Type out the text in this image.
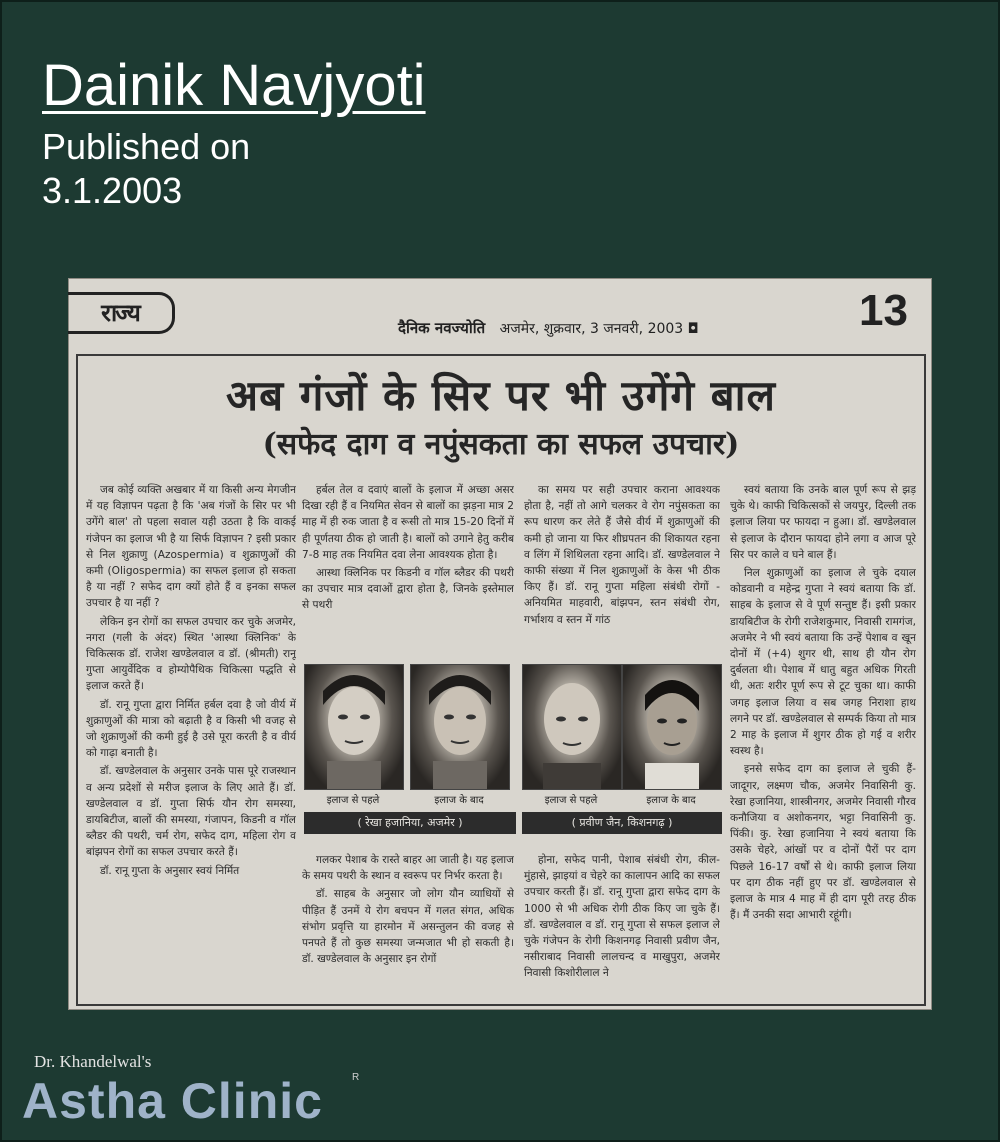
Dainik Navjyoti
Published on
3.1.2003
राज्य
दैनिक नवज्योति अजमेर, शुक्रवार, 3 जनवरी, 2003 ◘	13
अब गंजों के सिर पर भी उगेंगे बाल
(सफेद दाग व नपुंसकता का सफल उपचार)

जब कोई व्यक्ति अखबार में या किसी अन्य मेगजीन में यह विज्ञापन पढ़ता है कि 'अब गंजों के सिर पर भी उगेंगे बाल' तो पहला सवाल यही उठता है कि वाकई गंजेपन का इलाज भी है या सिर्फ विज्ञापन ? इसी प्रकार से निल शुक्राणु (Azospermia) व शुक्राणुओं की कमी (Oligospermia) का सफल इलाज हो सकता है या नहीं ? सफेद दाग क्यों होते हैं व इनका सफल उपचार है या नहीं ?

लेकिन इन रोगों का सफल उपचार कर चुके अजमेर, नगरा (गली के अंदर) स्थित 'आस्था क्लिनिक' के चिकित्सक डॉ. राजेश खण्डेलवाल व डॉ. (श्रीमती) रानू गुप्ता आयुर्वेदिक व होम्योपैथिक चिकित्सा पद्धति से इलाज करते हैं।

डॉ. रानू गुप्ता द्वारा निर्मित हर्बल दवा है जो वीर्य में शुक्राणुओं की मात्रा को बढ़ाती है व किसी भी वजह से जो शुक्राणुओं की कमी हुई है उसे पूरा करती है व वीर्य को गाढ़ा बनाती है।

डॉ. खण्डेलवाल के अनुसार उनके पास पूरे राजस्थान व अन्य प्रदेशों से मरीज इलाज के लिए आते हैं। डॉ. खण्डेलवाल व डॉ. गुप्ता सिर्फ यौन रोग समस्या, डायबिटीज, बालों की समस्या, गंजापन, किडनी व गॉल ब्लैडर की पथरी, चर्म रोग, सफेद दाग, महिला रोग व बांझपन रोगों का सफल उपचार करते हैं।

डॉ. रानू गुप्ता के अनुसार स्वयं निर्मित

हर्बल तेल व दवाएं बालों के इलाज में अच्छा असर दिखा रही हैं व नियमित सेवन से बालों का झड़ना मात्र 2 माह में ही रुक जाता है व रूसी तो मात्र 15-20 दिनों में ही पूर्णतया ठीक हो जाती है। बालों को उगाने हेतु करीब 7-8 माह तक नियमित दवा लेना आवश्यक होता है।

आस्था क्लिनिक पर किडनी व गॉल ब्लैडर की पथरी का उपचार मात्र दवाओं द्वारा होता है, जिनके इस्तेमाल से पथरी

का समय पर सही उपचार कराना आवश्यक होता है, नहीं तो आगे चलकर वे रोग नपुंसकता का रूप धारण कर लेते हैं जैसे वीर्य में शुक्राणुओं की कमी हो जाना या फिर शीघ्रपतन की शिकायत रहना व लिंग में शिथिलता रहना आदि। डॉ. खण्डेलवाल ने काफी संख्या में निल शुक्राणुओं के केस भी ठीक किए हैं। डॉ. रानू गुप्ता महिला संबंधी रोगों - अनियमित माहवारी, बांझपन, स्तन संबंधी रोग, गर्भाशय व स्तन में गांठ

स्वयं बताया कि उनके बाल पूर्ण रूप से झड़ चुके थे। काफी चिकित्सकों से जयपुर, दिल्ली तक इलाज लिया पर फायदा न हुआ। डॉ. खण्डेलवाल से इलाज के दौरान फायदा होने लगा व आज पूरे सिर पर काले व घने बाल हैं।

निल शुक्राणुओं का इलाज ले चुके दयाल कोडवानी व महेन्द्र गुप्ता ने स्वयं बताया कि डॉ. साहब के इलाज से वे पूर्ण सन्तुष्ट हैं। इसी प्रकार डायबिटीज के रोगी राजेशकुमार, निवासी रामगंज, अजमेर ने भी स्वयं बताया कि उन्हें पेशाब व खून दोनों में (+4) शुगर थी, साथ ही यौन रोग दुर्बलता थी। पेशाब में धातु बहुत अधिक गिरती थी, अतः शरीर पूर्ण रूप से टूट चुका था। काफी जगह इलाज लिया व सब जगह निराशा हाथ लगने पर डॉ. खण्डेलवाल से सम्पर्क किया तो मात्र 2 माह के इलाज में शुगर ठीक हो गई व शरीर स्वस्थ है।

इनसे सफेद दाग का इलाज ले चुकी हैं- जादूगर, लक्ष्मण चौक, अजमेर निवासिनी कु. रेखा हजानिया, शास्त्रीनगर, अजमेर निवासी गौरव कनौजिया व अशोकनगर, भट्टा निवासिनी कु. पिंकी। कु. रेखा हजानिया ने स्वयं बताया कि उसके चेहरे, आंखों पर व दोनों पैरों पर दाग पिछले 16-17 वर्षों से थे। काफी इलाज लिया पर दाग ठीक नहीं हुए पर डॉ. खण्डेलवाल से इलाज के मात्र 4 माह में ही दाग पूरी तरह ठीक हैं। मैं उनकी सदा आभारी रहूंगी।

इलाज से पहले	इलाज के बाद
( रेखा हजानिया, अजमेर )
इलाज से पहले	इलाज के बाद
( प्रवीण जैन, किशनगढ़ )

गलकर पेशाब के रास्ते बाहर आ जाती है। यह इलाज के समय पथरी के स्थान व स्वरूप पर निर्भर करता है।

डॉ. साहब के अनुसार जो लोग यौन व्याधियों से पीड़ित हैं उनमें ये रोग बचपन में गलत संगत, अधिक संभोग प्रवृत्ति या हारमोन में असन्तुलन की वजह से पनपते हैं तो कुछ समस्या जन्मजात भी हो सकती है। डॉ. खण्डेलवाल के अनुसार इन रोगों

होना, सफेद पानी, पेशाब संबंधी रोग, कील-मुंहासे, झाइयां व चेहरे का कालापन आदि का सफल उपचार करती हैं। डॉ. रानू गुप्ता द्वारा सफेद दाग के 1000 से भी अधिक रोगी ठीक किए जा चुके हैं। डॉ. खण्डेलवाल व डॉ. रानू गुप्ता से सफल इलाज ले चुके गंजेपन के रोगी किशनगढ़ निवासी प्रवीण जैन, नसीराबाद निवासी लालचन्द व माखुपुरा, अजमेर निवासी किशोरीलाल ने

Dr. Khandelwal's
Astha Clinic	R
